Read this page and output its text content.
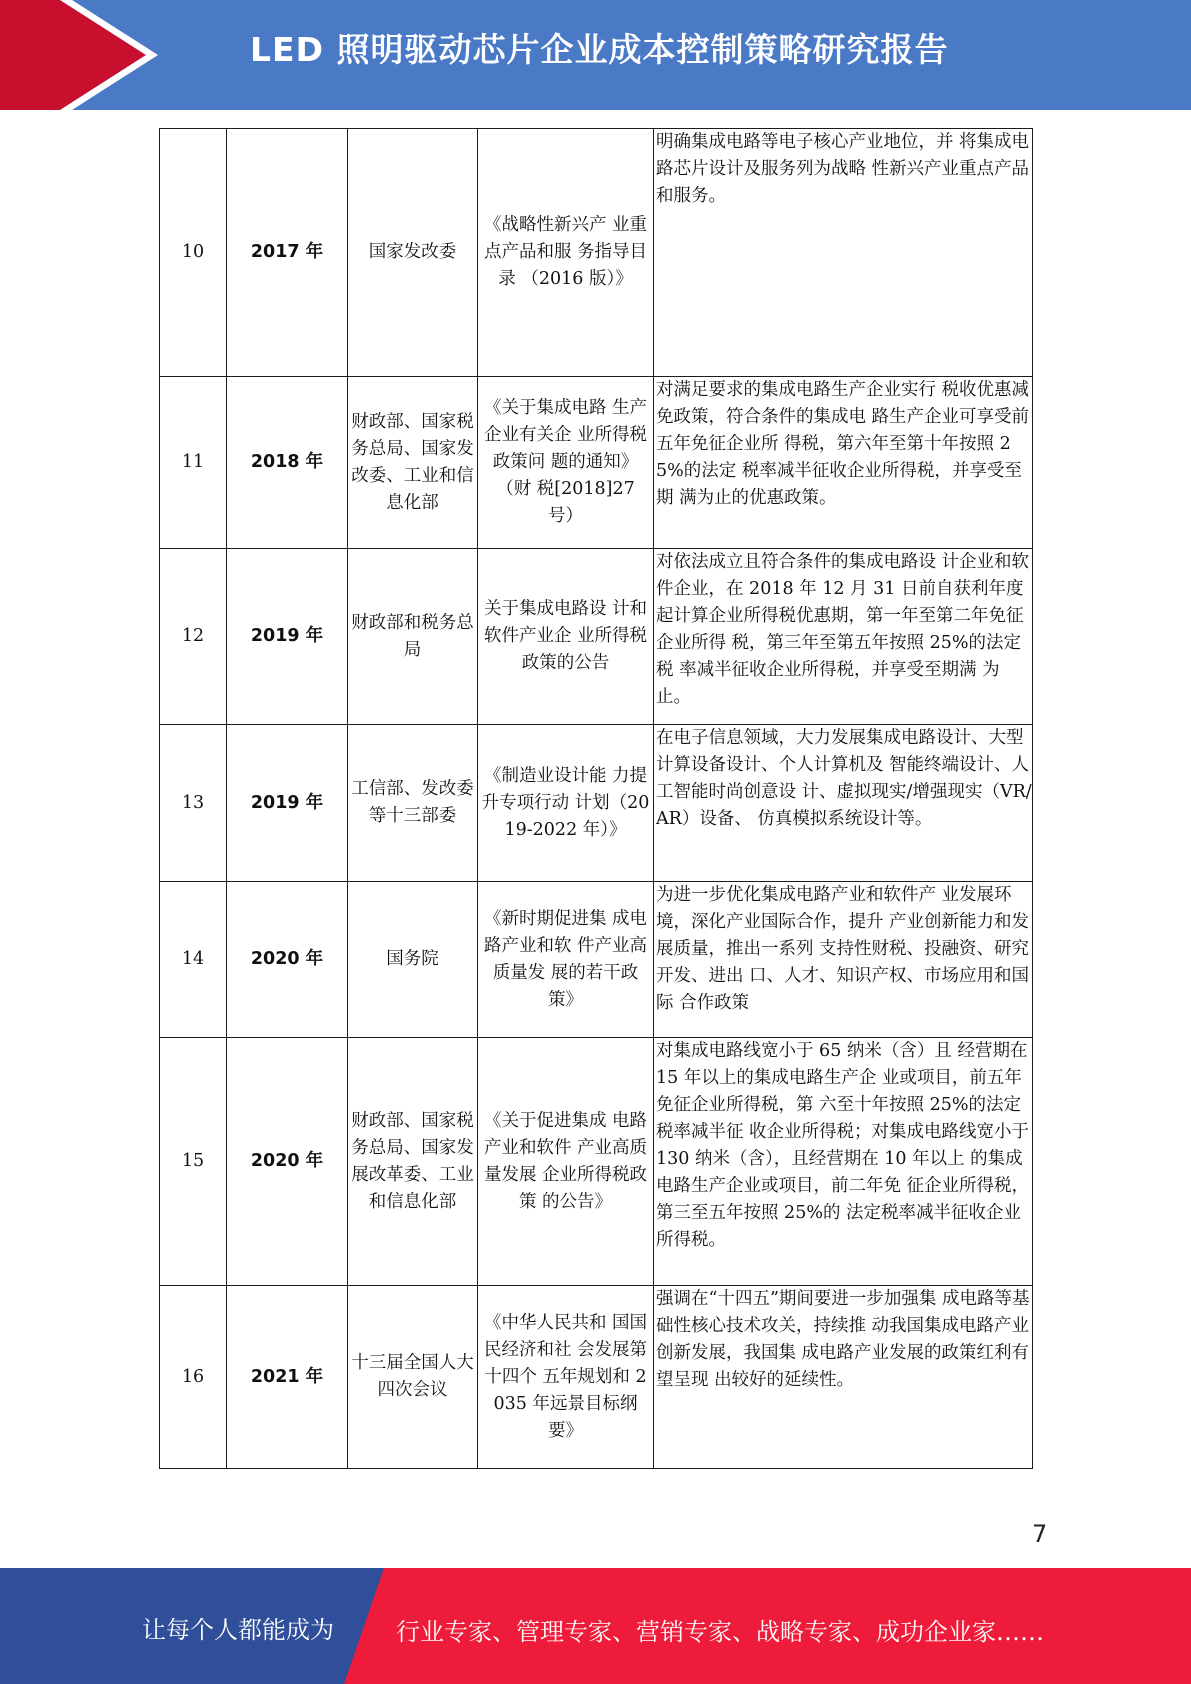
LED 照明驱动芯片企业成本控制策略研究报告
10	2017 年	国家发改委	《战略性新兴产 业重点产品和服 务指导目录 （2016 版）》	明确集成电路等电子核心产业地位，并 将集成电路芯片设计及服务列为战略 性新兴产业重点产品和服务。
11	2018 年	财政部、国家税务总局、国家发改委、工业和信息化部	《关于集成电路 生产企业有关企 业所得税政策问 题的通知》（财 税[2018]27 号）	对满足要求的集成电路生产企业实行 税收优惠减免政策，符合条件的集成电 路生产企业可享受前五年免征企业所 得税，第六年至第十年按照 25%的法定 税率减半征收企业所得税，并享受至期 满为止的优惠政策。
12	2019 年	财政部和税务总局	关于集成电路设 计和软件产业企 业所得税政策的公告	对依法成立且符合条件的集成电路设 计企业和软件企业，在 2018 年 12 月 31 日前自获利年度起计算企业所得税优惠期，第一年至第二年免征企业所得 税，第三年至第五年按照 25%的法定税 率减半征收企业所得税，并享受至期满 为止。
13	2019 年	工信部、发改委等十三部委	《制造业设计能 力提升专项行动 计划（2019-2022 年）》	在电子信息领域，大力发展集成电路设计、大型计算设备设计、个人计算机及 智能终端设计、人工智能时尚创意设 计、虚拟现实/增强现实（VR/AR）设备、 仿真模拟系统设计等。
14	2020 年	国务院	《新时期促进集 成电路产业和软 件产业高质量发 展的若干政策》	为进一步优化集成电路产业和软件产 业发展环境，深化产业国际合作，提升 产业创新能力和发展质量，推出一系列 支持性财税、投融资、研究开发、进出 口、人才、知识产权、市场应用和国际 合作政策
15	2020 年	财政部、国家税务总局、国家发展改革委、工业和信息化部	《关于促进集成 电路产业和软件 产业高质量发展 企业所得税政策 的公告》	对集成电路线宽小于 65 纳米（含）且 经营期在 15 年以上的集成电路生产企 业或项目，前五年免征企业所得税，第 六至十年按照 25%的法定税率减半征 收企业所得税；对集成电路线宽小于 130 纳米（含），且经营期在 10 年以上 的集成电路生产企业或项目，前二年免 征企业所得税，第三至五年按照 25%的 法定税率减半征收企业所得税。
16	2021 年	十三届全国人大四次会议	《中华人民共和 国国民经济和社 会发展第十四个 五年规划和 2035 年远景目标纲 要》	强调在“十四五”期间要进一步加强集 成电路等基础性核心技术攻关，持续推 动我国集成电路产业创新发展，我国集 成电路产业发展的政策红利有望呈现 出较好的延续性。
7
让每个人都能成为	行业专家、管理专家、营销专家、战略专家、成功企业家……
